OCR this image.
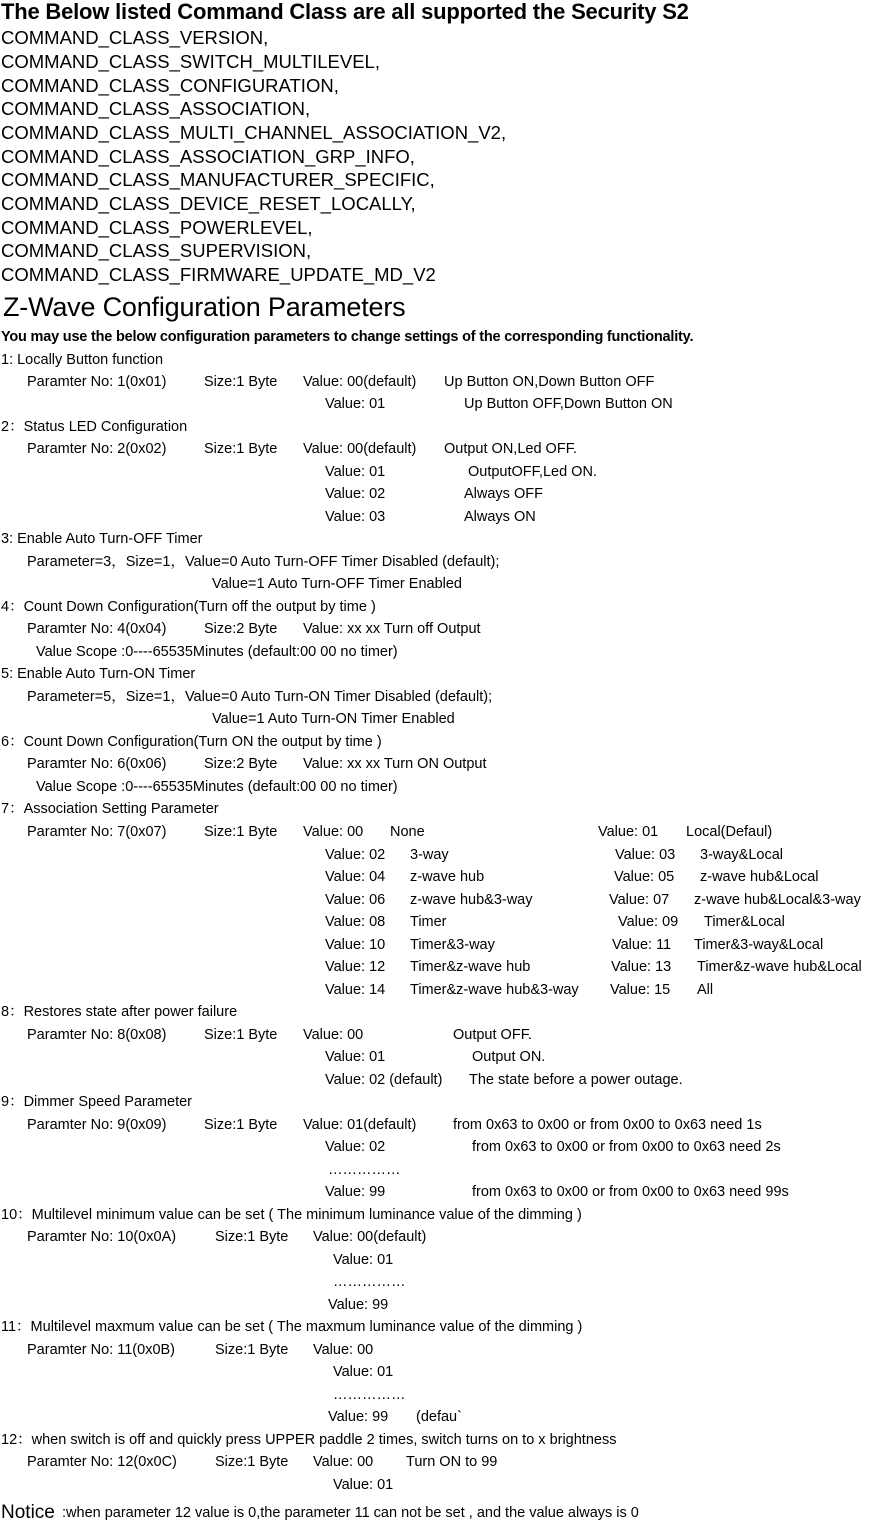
The Below listed Command Class are all supported the Security S2
COMMAND_CLASS_VERSION,
COMMAND_CLASS_SWITCH_MULTILEVEL,
COMMAND_CLASS_CONFIGURATION,
COMMAND_CLASS_ASSOCIATION,
COMMAND_CLASS_MULTI_CHANNEL_ASSOCIATION_V2,
COMMAND_CLASS_ASSOCIATION_GRP_INFO,
COMMAND_CLASS_MANUFACTURER_SPECIFIC,
COMMAND_CLASS_DEVICE_RESET_LOCALLY,
COMMAND_CLASS_POWERLEVEL,
COMMAND_CLASS_SUPERVISION,
COMMAND_CLASS_FIRMWARE_UPDATE_MD_V2
Z-Wave Configuration Parameters
You may use the below configuration parameters to change settings of the corresponding functionality.
1: Locally Button function
Paramter No: 1(0x01)	Size:1 Byte Value: 00(default) Up Button ON,Down Button OFF
Value: 01	Up Button OFF,Down Button ON
2：Status LED Configuration
Paramter No: 2(0x02)	Size:1 Byte Value: 00(default) Output ON,Led OFF.
Value: 01	OutputOFF,Led ON.
Value: 02	Always OFF
Value: 03	Always ON
3: Enable Auto Turn-OFF Timer
Parameter=3，Size=1，Value=0 Auto Turn-OFF Timer Disabled (default);
Value=1 Auto Turn-OFF Timer Enabled
4：Count Down Configuration(Turn off the output by time )
Paramter No: 4(0x04)	Size:2 Byte Value: xx xx Turn off Output
Value Scope :0----65535Minutes (default:00 00 no timer)
5: Enable Auto Turn-ON Timer
Parameter=5，Size=1，Value=0 Auto Turn-ON Timer Disabled (default);
Value=1 Auto Turn-ON Timer Enabled
6：Count Down Configuration(Turn ON the output by time )
Paramter No: 6(0x06)	Size:2 Byte Value: xx xx Turn ON Output
Value Scope :0----65535Minutes (default:00 00 no timer)
7：Association Setting Parameter
Paramter No: 7(0x07)	Size:1 Byte Value: 00 None	Value: 01 Local(Defaul)
Value: 02 3-way	Value: 03 3-way&Local
Value: 04 z-wave hub	Value: 05 z-wave hub&Local
Value: 06 z-wave hub&3-way	Value: 07 z-wave hub&Local&3-way
Value: 08 Timer	Value: 09 Timer&Local
Value: 10 Timer&3-way	Value: 11 Timer&3-way&Local
Value: 12 Timer&z-wave hub	Value: 13 Timer&z-wave hub&Local
Value: 14 Timer&z-wave hub&3-way Value: 15 All
8：Restores state after power failure
Paramter No: 8(0x08)	Size:1 Byte Value: 00	Output OFF.
Value: 01	Output ON.
Value: 02 (default) The state before a power outage.
9：Dimmer Speed Parameter
Paramter No: 9(0x09)	Size:1 Byte Value: 01(default)	from 0x63 to 0x00 or from 0x00 to 0x63 need 1s
Value: 02	from 0x63 to 0x00 or from 0x00 to 0x63 need 2s
……………
Value: 99	from 0x63 to 0x00 or from 0x00 to 0x63 need 99s
10：Multilevel minimum value can be set ( The minimum luminance value of the dimming )
Paramter No: 10(0x0A)	Size:1 Byte Value: 00(default)
Value: 01
……………
Value: 99
11：Multilevel maxmum value can be set ( The maxmum luminance value of the dimming )
Paramter No: 11(0x0B)	Size:1 Byte Value: 00
Value: 01
……………
Value: 99 (defau`
12：when switch is off and quickly press UPPER paddle 2 times, switch turns on to x brightness
Paramter No: 12(0x0C)	Size:1 Byte Value: 00 Turn ON to 99
Value: 01
Notice :when parameter 12 value is 0,the parameter 11 can not be set , and the value always is 0
